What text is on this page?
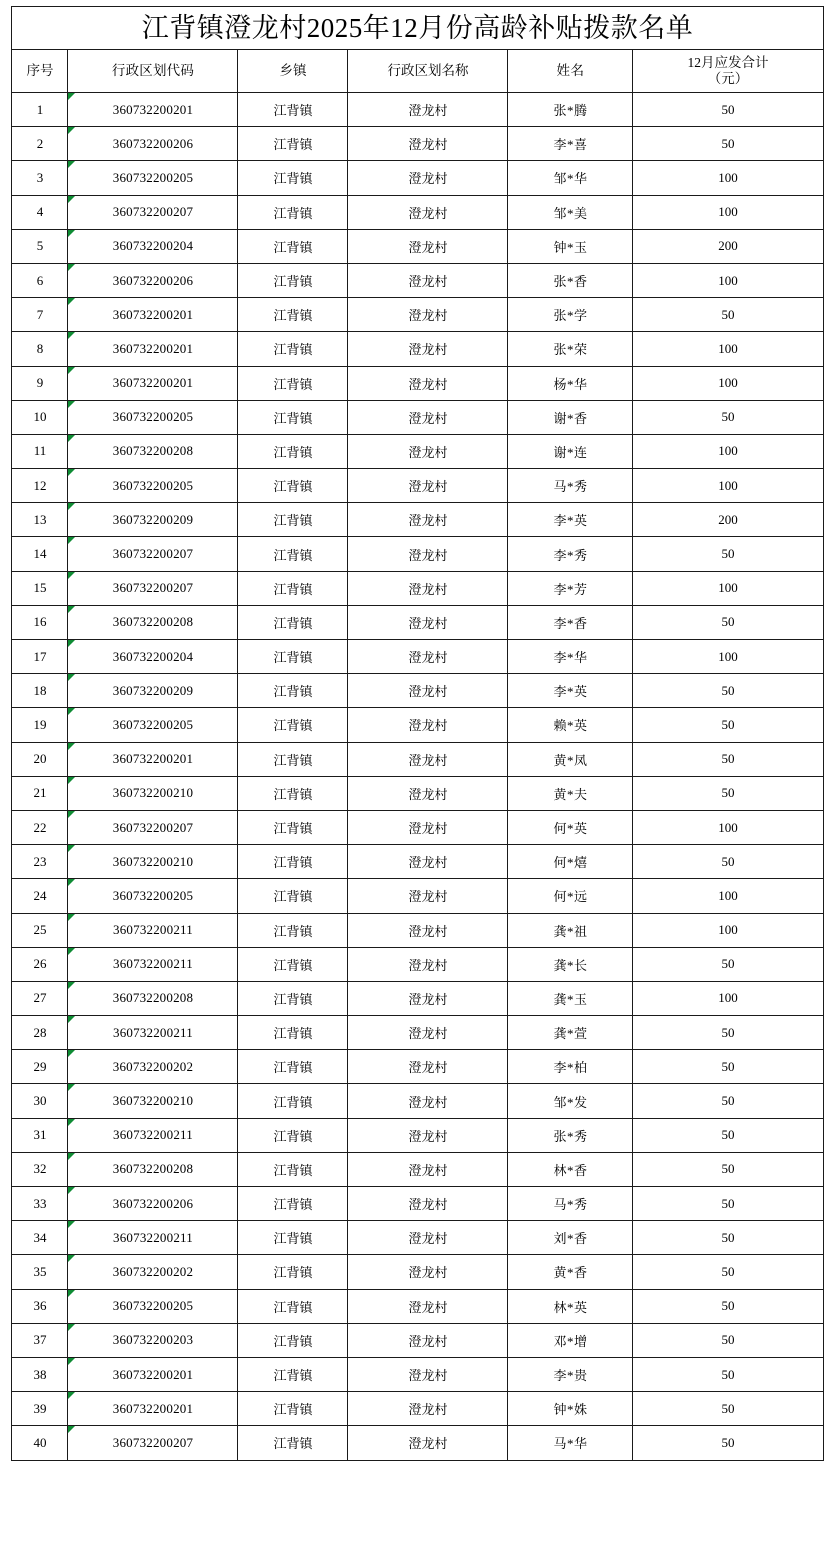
江背镇澄龙村2025年12月份高龄补贴拨款名单					
序号	行政区划代码	乡镇	行政区划名称	姓名	12月应发合计
（元）

1	360732200201	江背镇	澄龙村	张*腾	50
2	360732200206	江背镇	澄龙村	李*喜	50
3	360732200205	江背镇	澄龙村	邹*华	100
4	360732200207	江背镇	澄龙村	邹*美	100
5	360732200204	江背镇	澄龙村	钟*玉	200
6	360732200206	江背镇	澄龙村	张*香	100
7	360732200201	江背镇	澄龙村	张*学	50
8	360732200201	江背镇	澄龙村	张*荣	100
9	360732200201	江背镇	澄龙村	杨*华	100
10	360732200205	江背镇	澄龙村	谢*香	50
11	360732200208	江背镇	澄龙村	谢*连	100
12	360732200205	江背镇	澄龙村	马*秀	100
13	360732200209	江背镇	澄龙村	李*英	200
14	360732200207	江背镇	澄龙村	李*秀	50
15	360732200207	江背镇	澄龙村	李*芳	100
16	360732200208	江背镇	澄龙村	李*香	50
17	360732200204	江背镇	澄龙村	李*华	100
18	360732200209	江背镇	澄龙村	李*英	50
19	360732200205	江背镇	澄龙村	赖*英	50
20	360732200201	江背镇	澄龙村	黄*凤	50
21	360732200210	江背镇	澄龙村	黄*夫	50
22	360732200207	江背镇	澄龙村	何*英	100
23	360732200210	江背镇	澄龙村	何*熺	50
24	360732200205	江背镇	澄龙村	何*远	100
25	360732200211	江背镇	澄龙村	龚*祖	100
26	360732200211	江背镇	澄龙村	龚*长	50
27	360732200208	江背镇	澄龙村	龚*玉	100
28	360732200211	江背镇	澄龙村	龚*萱	50
29	360732200202	江背镇	澄龙村	李*柏	50
30	360732200210	江背镇	澄龙村	邹*发	50
31	360732200211	江背镇	澄龙村	张*秀	50
32	360732200208	江背镇	澄龙村	林*香	50
33	360732200206	江背镇	澄龙村	马*秀	50
34	360732200211	江背镇	澄龙村	刘*香	50
35	360732200202	江背镇	澄龙村	黄*香	50
36	360732200205	江背镇	澄龙村	林*英	50
37	360732200203	江背镇	澄龙村	邓*增	50
38	360732200201	江背镇	澄龙村	李*贵	50
39	360732200201	江背镇	澄龙村	钟*姝	50
40	360732200207	江背镇	澄龙村	马*华	50
